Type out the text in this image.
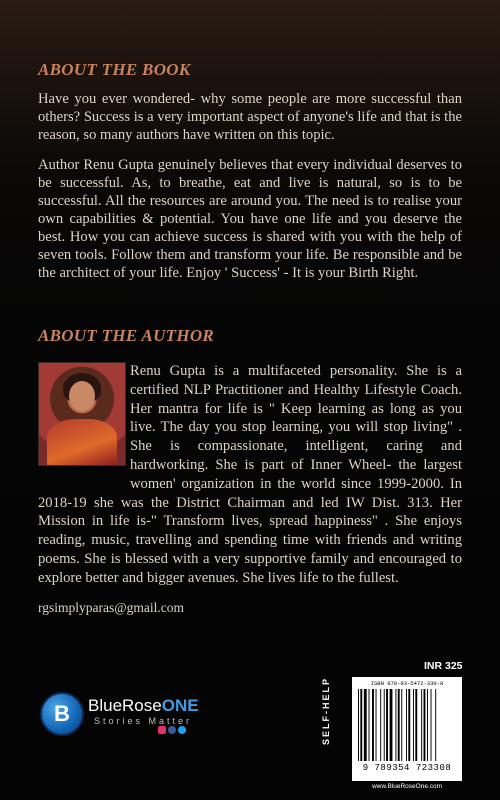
ABOUT THE BOOK

Have you ever wondered- why some people are more successful than others? Success is a very important aspect of anyone's life and that is the reason, so many authors have written on this topic.

Author Renu Gupta genuinely believes that every individual deserves to be successful. As, to breathe, eat and live is natural, so is to be successful. All the resources are around you. The need is to realise your own capabilities & potential. You have one life and you deserve the best. How you can achieve success is shared with you with the help of seven tools. Follow them and transform your life. Be responsible and be the architect of your life. Enjoy ' Success' - It is your Birth Right.

ABOUT THE AUTHOR
Renu Gupta is a multifaceted personality. She is a certified NLP Practitioner and Healthy Lifestyle Coach. Her mantra for life is " Keep learning as long as you live. The day you stop learning, you will stop living" . She is compassionate, intelligent, caring and hardworking. She is part of Inner Wheel- the largest women' organization in the world since 1999-2000. In 2018-19 she was the District Chairman and led IW Dist. 313. Her Mission in life is-" Transform lives, spread happiness" . She enjoys reading, music, travelling and spending time with friends and writing poems. She is blessed with a very supportive family and encouraged to explore better and bigger avenues. She lives life to the fullest.

rgsimplyparas@gmail.com

B	BlueRoseONE

Stories Matter	SELF-HELP

INR 325

ISBN 978-93-5472-330-8

9 789354 723308

www.BlueRoseOne.com
